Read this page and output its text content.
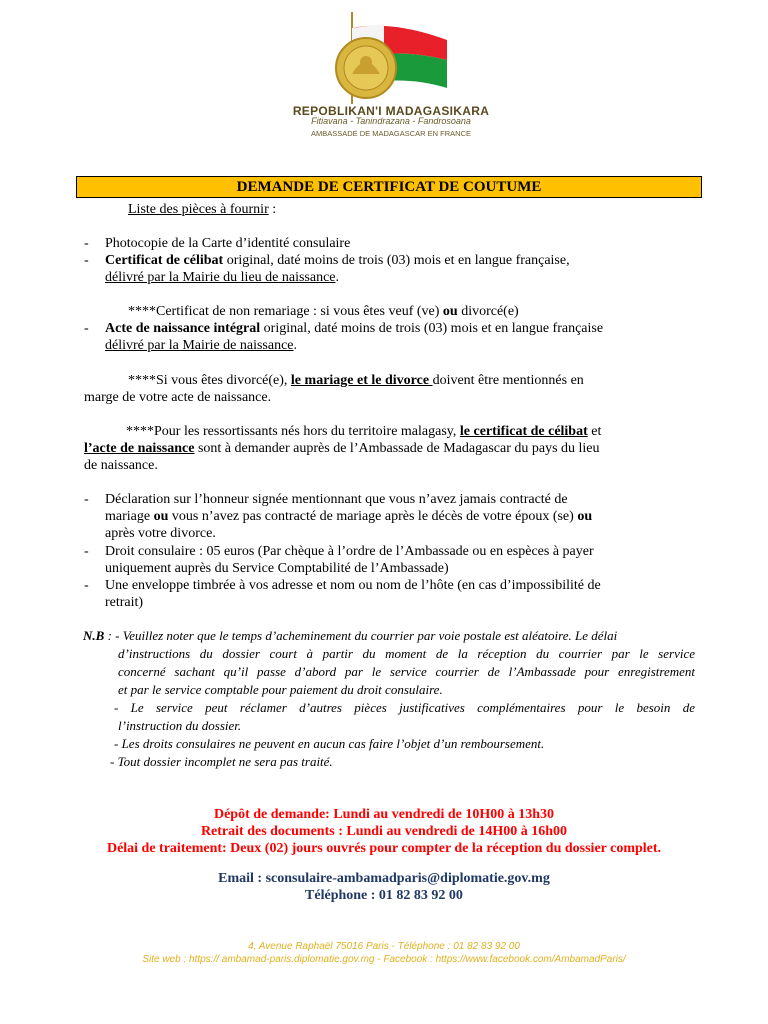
REPOBLIKAN'I MADAGASIKARA
Fitiavana - Tanindrazana - Fandrosoana
AMBASSADE DE MADAGASCAR EN FRANCE
DEMANDE DE CERTIFICAT DE COUTUME
Liste des pièces à fournir :
- Photocopie de la Carte d’identité consulaire
- Certificat de célibat original, daté moins de trois (03) mois et en langue française,
délivré par la Mairie du lieu de naissance.
****Certificat de non remariage : si vous êtes veuf (ve) ou divorcé(e)
- Acte de naissance intégral original, daté moins de trois (03) mois et en langue française
délivré par la Mairie de naissance.
****Si vous êtes divorcé(e), le mariage et le divorce doivent être mentionnés en
marge de votre acte de naissance.
****Pour les ressortissants nés hors du territoire malagasy, le certificat de célibat et
l’acte de naissance sont à demander auprès de l’Ambassade de Madagascar du pays du lieu
de naissance.
- Déclaration sur l’honneur signée mentionnant que vous n’avez jamais contracté de
mariage ou vous n’avez pas contracté de mariage après le décès de votre époux (se) ou
après votre divorce.
- Droit consulaire : 05 euros (Par chèque à l’ordre de l’Ambassade ou en espèces à payer
uniquement auprès du Service Comptabilité de l’Ambassade)
- Une enveloppe timbrée à vos adresse et nom ou nom de l’hôte (en cas d’impossibilité de
retrait)
N.B : - Veuillez noter que le temps d’acheminement du courrier par voie postale est aléatoire. Le délai
d’instructions du dossier court à partir du moment de la réception du courrier par le service
concerné sachant qu’il passe d’abord par le service courrier de l’Ambassade pour enregistrement
et par le service comptable pour paiement du droit consulaire.
- Le service peut réclamer d’autres pièces justificatives complémentaires pour le besoin de
l’instruction du dossier.
- Les droits consulaires ne peuvent en aucun cas faire l’objet d’un remboursement.
- Tout dossier incomplet ne sera pas traité.
Dépôt de demande: Lundi au vendredi de 10H00 à 13h30
Retrait des documents : Lundi au vendredi de 14H00 à 16h00
Délai de traitement: Deux (02) jours ouvrés pour compter de la réception du dossier complet.
Email : sconsulaire-ambamadparis@diplomatie.gov.mg
Téléphone : 01 82 83 92 00
4, Avenue Raphaël 75016 Paris - Téléphone : 01 82 83 92 00
Site web : https:// ambamad-paris.diplomatie.gov.mg - Facebook : https://www.facebook.com/AmbamadParis/
